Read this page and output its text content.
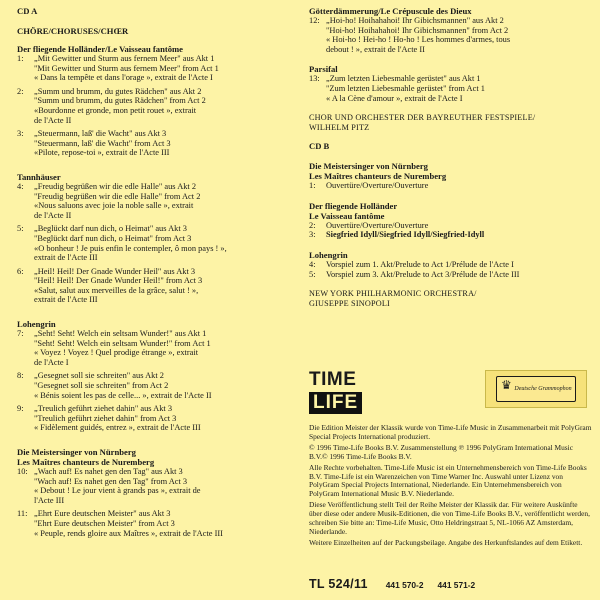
CD A
CHÖRE/CHORUSES/CHŒR
Der fliegende Holländer/Le Vaisseau fantôme
1:	„Mit Gewitter und Sturm aus fernem Meer" aus Akt 1
"Mit Gewitter und Sturm aus fernem Meer" from Act 1
« Dans la tempête et dans l'orage », extrait de l'Acte I
2:	„Summ und brumm, du gutes Rädchen" aus Akt 2
"Summ und brumm, du gutes Rädchen" from Act 2
«Bourdonne et gronde, mon petit rouet », extrait
de l'Acte II
3:	„Steuermann, laß' die Wacht" aus Akt 3
"Steuermann, laß' die Wacht" from Act 3
«Pilote, repose-toi », extrait de l'Acte III
Tannhäuser
4:	„Freudig begrüßen wir die edle Halle" aus Akt 2
"Freudig begrüßen wir die edle Halle" from Act 2
«Nous saluons avec joie la noble salle », extrait
de l'Acte II
5:	„Beglückt darf nun dich, o Heimat" aus Akt 3
"Beglückt darf nun dich, o Heimat" from Act 3
«O bonheur ! Je puis enfin le contempler, ô mon pays ! »,
extrait de l'Acte III
6:	„Heil! Heil! Der Gnade Wunder Heil" aus Akt 3
"Heil! Heil! Der Gnade Wunder Heil!" from Act 3
«Salut, salut aux merveilles de la grâce, salut ! »,
extrait de l'Acte III
Lohengrin
7:	„Seht! Seht! Welch ein seltsam Wunder!" aus Akt 1
"Seht! Seht! Welch ein seltsam Wunder!" from Act 1
« Voyez ! Voyez ! Quel prodige étrange », extrait
de l'Acte I
8:	„Gesegnet soll sie schreiten" aus Akt 2
"Gesegnet soll sie schreiten" from Act 2
« Bénis soient les pas de celle... », extrait de l'Acte II
9:	„Treulich geführt ziehet dahin" aus Akt 3
"Treulich geführt ziehet dahin" from Act 3
« Fidèlement guidés, entrez », extrait de l'Acte III
Die Meistersinger von Nürnberg
Les Maîtres chanteurs de Nuremberg
10: „Wach auf! Es nahet gen den Tag" aus Akt 3
"Wach auf! Es nahet gen den Tag" from Act 3
« Debout ! Le jour vient à grands pas », extrait de
l'Acte III
11: „Ehrt Eure deutschen Meister" aus Akt 3
"Ehrt Eure deutschen Meister" from Act 3
« Peuple, rends gloire aux Maîtres », extrait de l'Acte III
Götterdämmerung/Le Crépuscule des Dieux
12: „Hoi-ho! Hoihahahoi! Ihr Gibichsmannen" aus Akt 2
"Hoi-ho! Hoihahahoi! Ihr Gibichsmannen" from Act 2
« Hoi-ho ! Hei-ho ! Ho-ho ! Les hommes d'armes, tous
debout ! », extrait de l'Acte II
Parsifal
13: „Zum letzten Liebesmahle gerüstet" aus Akt 1
"Zum letzten Liebesmahle gerüstet" from Act 1
« A la Cène d'amour », extrait de l'Acte I
CHOR UND ORCHESTER DER BAYREUTHER FESTSPIELE/
WILHELM PITZ
CD B
Die Meistersinger von Nürnberg
Les Maîtres chanteurs de Nuremberg
1:	Ouvertüre/Overture/Ouverture
Der fliegende Holländer
Le Vaisseau fantôme
2:	Ouvertüre/Overture/Ouverture
3:	Siegfried Idyll/Siegfried Idyll/Siegfried-Idyll
Lohengrin
4:	Vorspiel zum 1. Akt/Prelude to Act 1/Prélude de l'Acte I
5:	Vorspiel zum 3. Akt/Prelude to Act 3/Prélude de l'Acte III
NEW YORK PHILHARMONIC ORCHESTRA/
GIUSEPPE SINOPOLI
TIME
LIFE
♛ Deutsche Grammophon

Die Edition Meister der Klassik wurde von Time-Life Music in Zusammenarbeit mit PolyGram Special Projects International produziert.

© 1996 Time-Life Books B.V. Zusammenstellung ℗ 1996 PolyGram International Music B.V.© 1996 Time-Life Books B.V.

Alle Rechte vorbehalten. Time-Life Music ist ein Unternehmensbereich von Time-Life Books B.V. Time-Life ist ein Warenzeichen von Time Warner Inc. Auswahl unter Lizenz von PolyGram Special Projects International, Niederlande. Ein Unternehmensbereich von PolyGram International Music B.V. Niederlande.

Diese Veröffentlichung stellt Teil der Reihe Meister der Klassik dar. Für weitere Auskünfte über diese oder andere Musik-Editionen, die von Time-Life Books B.V., veröffentlicht werden, schreiben Sie bitte an: Time-Life Music, Otto Heldringstraat 5, NL-1066 AZ Amsterdam, Niederlande.

Weitere Einzelheiten auf der Packungsbeilage. Angabe des Herkunftslandes auf dem Etikett.

TL 524/11 441 570-2 441 571-2
